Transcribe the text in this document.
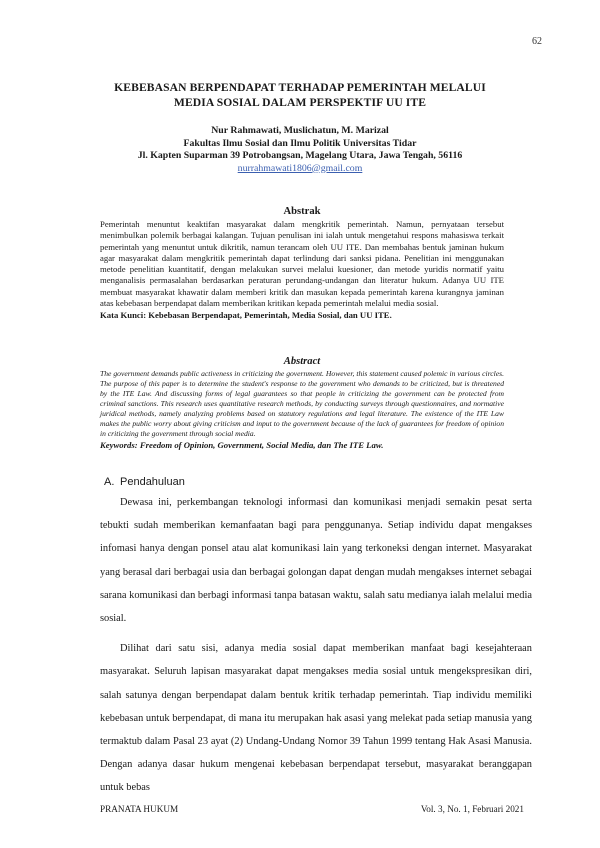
62
KEBEBASAN BERPENDAPAT TERHADAP PEMERINTAH MELALUI
MEDIA SOSIAL DALAM PERSPEKTIF UU ITE
Nur Rahmawati, Muslichatun, M. Marizal
Fakultas Ilmu Sosial dan Ilmu Politik Universitas Tidar
Jl. Kapten Suparman 39 Potrobangsan, Magelang Utara, Jawa Tengah, 56116
nurrahmawati1806@gmail.com
Abstrak
Pemerintah menuntut keaktifan masyarakat dalam mengkritik pemerintah. Namun, pernyataan tersebut menimbulkan polemik berbagai kalangan. Tujuan penulisan ini ialah untuk mengetahui respons mahasiswa terkait pemerintah yang menuntut untuk dikritik, namun terancam oleh UU ITE. Dan membahas bentuk jaminan hukum agar masyarakat dalam mengkritik pemerintah dapat terlindung dari sanksi pidana. Penelitian ini menggunakan metode penelitian kuantitatif, dengan melakukan survei melalui kuesioner, dan metode yuridis normatif yaitu menganalisis permasalahan berdasarkan peraturan perundang-undangan dan literatur hukum. Adanya UU ITE membuat masyarakat khawatir dalam memberi kritik dan masukan kepada pemerintah karena kurangnya jaminan atas kebebasan berpendapat dalam memberikan kritikan kepada pemerintah melalui media sosial.
Kata Kunci: Kebebasan Berpendapat, Pemerintah, Media Sosial, dan UU ITE.
Abstract
The government demands public activeness in criticizing the government. However, this statement caused polemic in various circles. The purpose of this paper is to determine the student's response to the government who demands to be criticized, but is threatened by the ITE Law. And discussing forms of legal guarantees so that people in criticizing the government can be protected from criminal sanctions. This research uses quantitative research methods, by conducting surveys through questionnaires, and normative juridical methods, namely analyzing problems based on statutory regulations and legal literature. The existence of the ITE Law makes the public worry about giving criticism and input to the government because of the lack of guarantees for freedom of opinion in criticizing the government through social media.
Keywords: Freedom of Opinion, Government, Social Media, dan The ITE Law.
A. Pendahuluan

Dewasa ini, perkembangan teknologi informasi dan komunikasi menjadi semakin pesat serta tebukti sudah memberikan kemanfaatan bagi para penggunanya. Setiap individu dapat mengakses infomasi hanya dengan ponsel atau alat komunikasi lain yang terkoneksi dengan internet. Masyarakat yang berasal dari berbagai usia dan berbagai golongan dapat dengan mudah mengakses internet sebagai sarana komunikasi dan berbagi informasi tanpa batasan waktu, salah satu medianya ialah melalui media sosial.

Dilihat dari satu sisi, adanya media sosial dapat memberikan manfaat bagi kesejahteraan masyarakat. Seluruh lapisan masyarakat dapat mengakses media sosial untuk mengekspresikan diri, salah satunya dengan berpendapat dalam bentuk kritik terhadap pemerintah. Tiap individu memiliki kebebasan untuk berpendapat, di mana itu merupakan hak asasi yang melekat pada setiap manusia yang termaktub dalam Pasal 23 ayat (2) Undang-Undang Nomor 39 Tahun 1999 tentang Hak Asasi Manusia. Dengan adanya dasar hukum mengenai kebebasan berpendapat tersebut, masyarakat beranggapan untuk bebas

PRANATA HUKUM	Vol. 3, No. 1, Februari 2021
